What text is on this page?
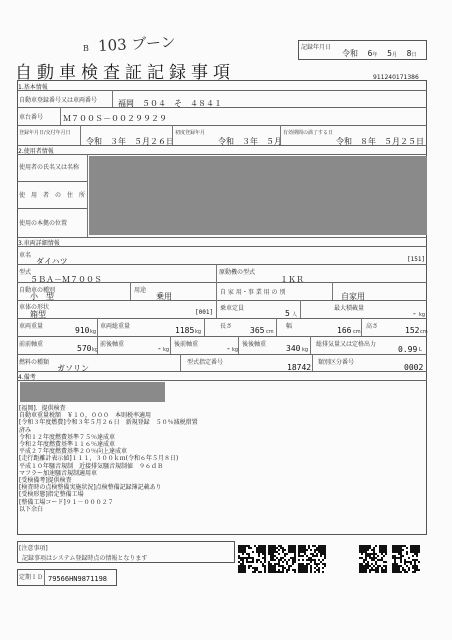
B 103 ブーン	記録年月日
令和 6年 5月 8日
自動車検査証記録事項	911240171386
1.基本情報
自動車登録番号又は車両番号	福岡　５０４　そ　４８４１
車台番号 Ｍ７００Ｓ－００２９９２９
登録年月日/交付年月日
令和　３年　５月２６日
初度登録年月
令和　３年　５月
有効期間の満了する日
令和　８年　５月２５日
2.使用者情報
使用者の氏名又は名称
使　用　者　の　住　所
使用の本拠の位置
3.車両詳細情報
車名
ダイハツ	[151]
型式
５ＢＡ－Ｍ７００Ｓ
原動機の型式
１ＫＲ
自動車の種別
小　型
用途
乗用	自 家 用・事 業 用 の 別	自家用
車体の形状
箱型	[001]
乗車定員
5 人
最大積載量
- kg
車両重量	910 kg
車両総重量	1185 kg
長さ 365 cm
幅	166 cm
高さ	152 cm
前前軸重	570 kg
前後軸重	- kg
後前軸重	- kg
後後軸重 340 kg
総排気量又は定格出力
0.99 L
燃料の種類
ガソリン
型式指定番号
18742
類別区分番号
0002
4.備考
[福岡]．提供検査
自動車重量税額　￥１０，０００　本則税率適用
[令和３年度燃費]令和３年５月２６日　新規登録　５０％減税措置
済み
令和１２年度燃費基準７５％達成車
令和２年度燃費基準１１６％達成車
平成２７年度燃費基準２０％向上達成車
[走行距離計表示値]１１１，３００ｋｍ(令和６年５月８日)
平成１０年騒音規制　近接排気騒音規制値　９６ｄＢ
マフラー加速騒音規制適用車
[受検備考]提供検査
[検査時の点検整備実施状況]点検整備記録簿記載あり
[受検形態]指定整備工場
[整備工場コード]９１－０００２７
以下余白
[注意事項]
記録事項はシステム登録時点の情報となります
定期ＩＤ 79566HN9871198
